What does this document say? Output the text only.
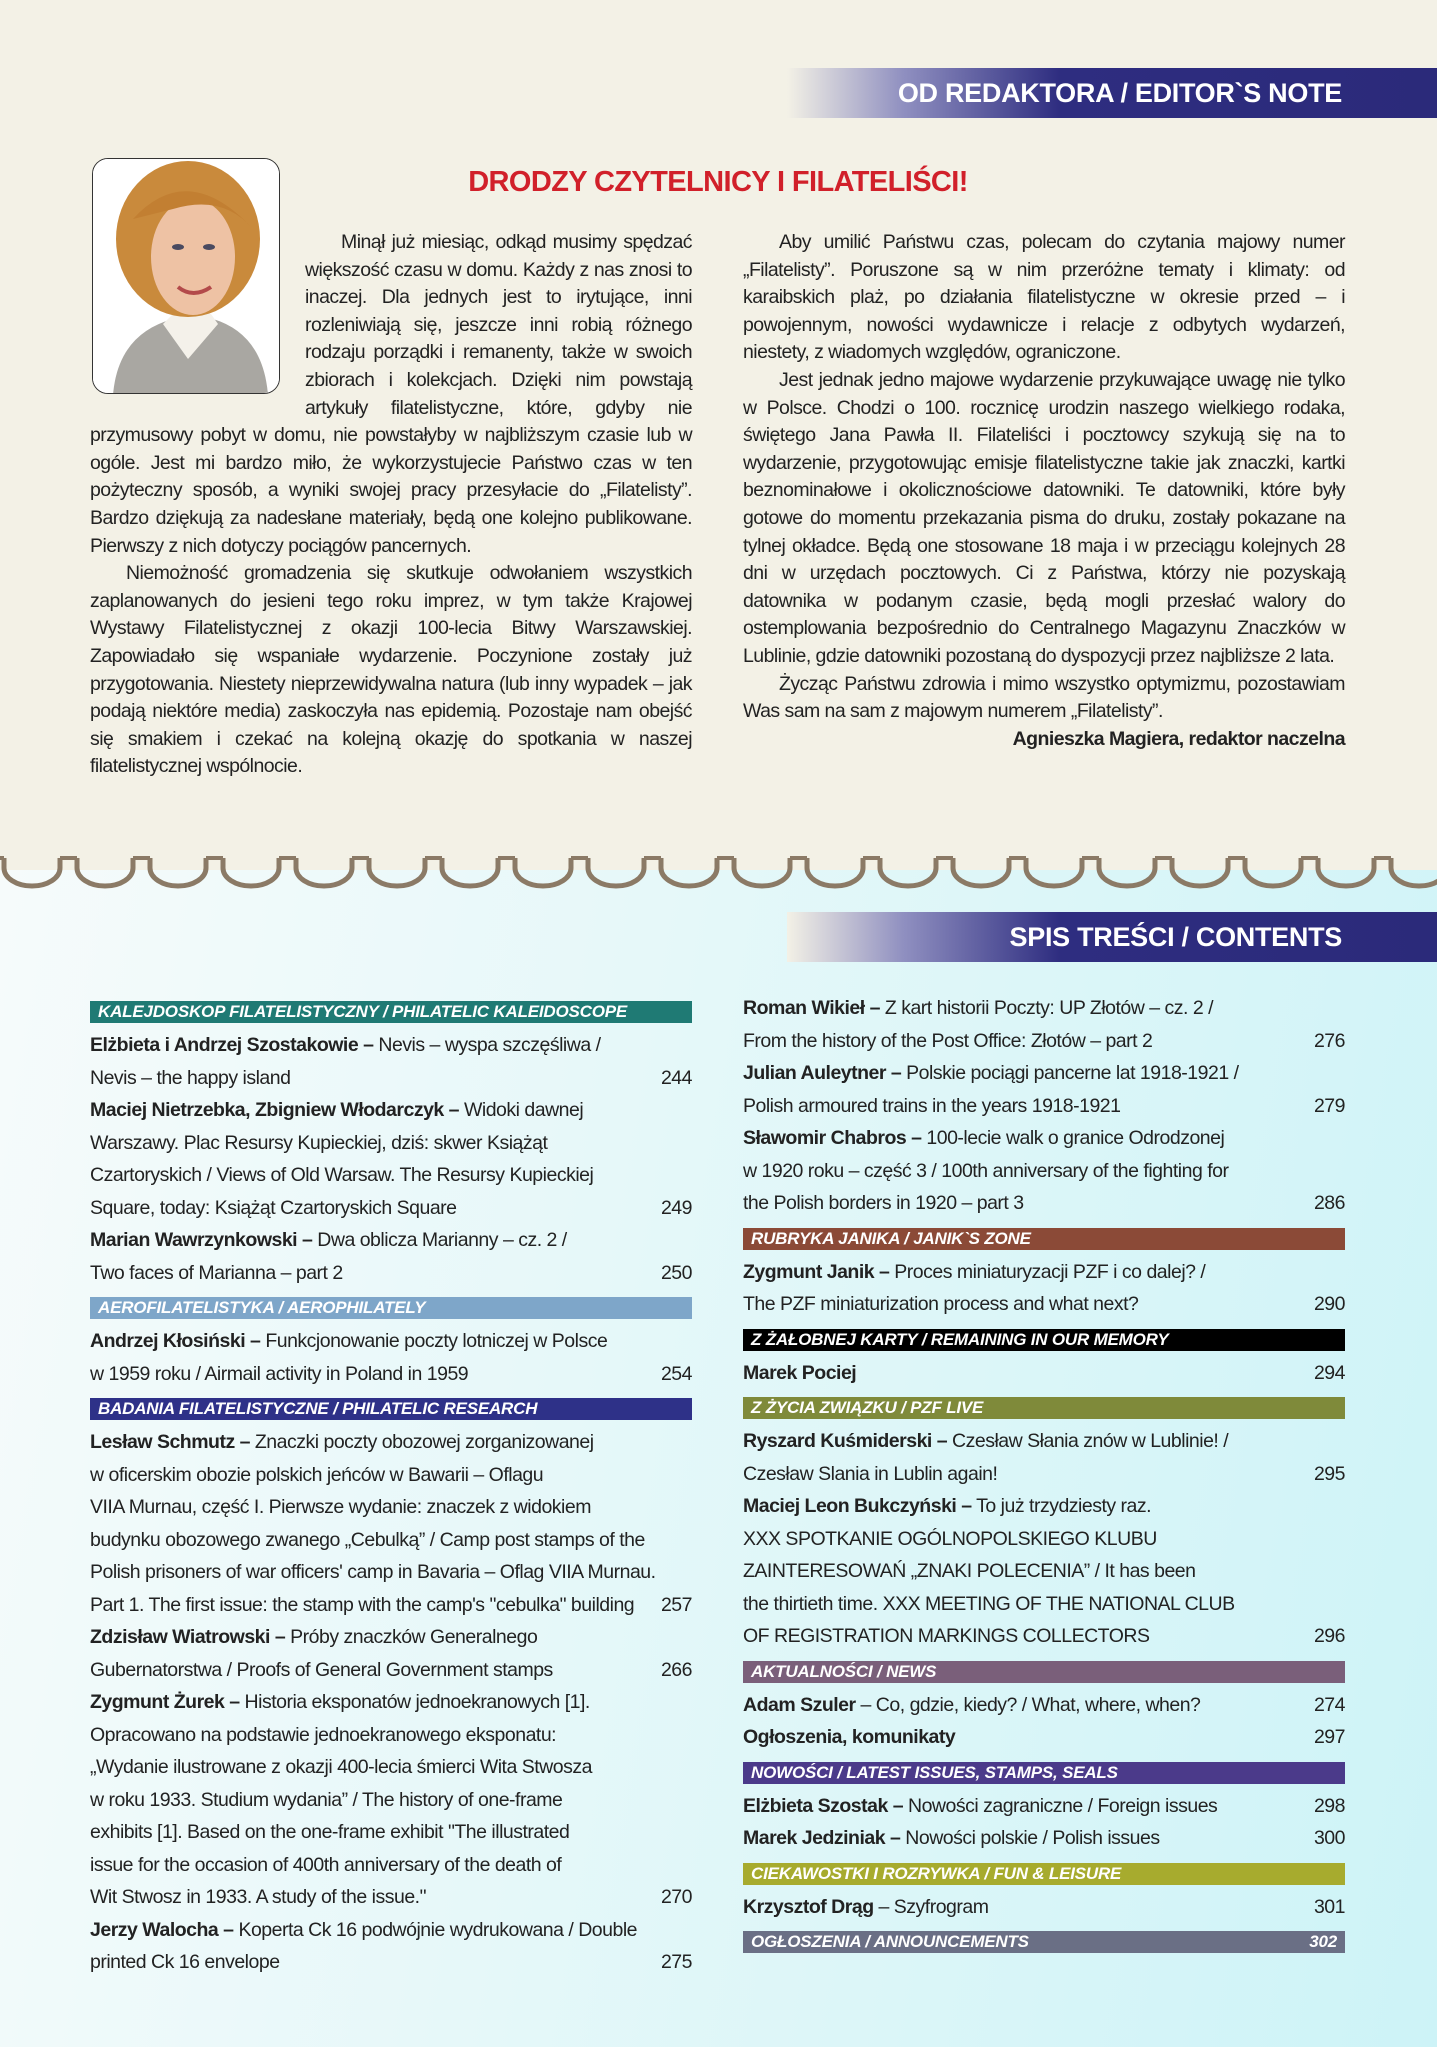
OD REDAKTORA / EDITOR`S NOTE
DRODZY CZYTELNICY I FILATELIŚCI!

Minął już miesiąc, odkąd musimy spędzać większość czasu w domu. Każdy z nas znosi to inaczej. Dla jednych jest to irytujące, inni rozleniwiają się, jeszcze inni robią różnego rodzaju porządki i remanenty, także w swoich zbiorach i kolekcjach. Dzięki nim powstają artykuły filatelistyczne, które, gdyby nie przymusowy pobyt w domu, nie powstałyby w najbliższym czasie lub w ogóle. Jest mi bardzo miło, że wykorzystujecie Państwo czas w ten pożyteczny sposób, a wyniki swojej pracy przesyłacie do „Filatelisty”. Bardzo dziękują za nadesłane materiały, będą one kolejno publikowane. Pierwszy z nich dotyczy pociągów pancernych.

Niemożność gromadzenia się skutkuje odwołaniem wszystkich zaplanowanych do jesieni tego roku imprez, w tym także Krajowej Wystawy Filatelistycznej z okazji 100-lecia Bitwy Warszawskiej. Zapowiadało się wspaniałe wydarzenie. Poczynione zostały już przygotowania. Niestety nieprzewidywalna natura (lub inny wypadek – jak podają niektóre media) zaskoczyła nas epidemią. Pozostaje nam obejść się smakiem i czekać na kolejną okazję do spotkania w naszej filatelistycznej wspólnocie.

Aby umilić Państwu czas, polecam do czytania majowy numer „Filatelisty”. Poruszone są w nim przeróżne tematy i klimaty: od karaibskich plaż, po działania filatelistyczne w okresie przed – i powojennym, nowości wydawnicze i relacje z odbytych wydarzeń, niestety, z wiadomych względów, ograniczone.

Jest jednak jedno majowe wydarzenie przykuwające uwagę nie tylko w Polsce. Chodzi o 100. rocznicę urodzin naszego wielkiego rodaka, świętego Jana Pawła II. Filateliści i pocztowcy szykują się na to wydarzenie, przygotowując emisje filatelistyczne takie jak znaczki, kartki beznominałowe i okolicznościowe datowniki. Te datowniki, które były gotowe do momentu przekazania pisma do druku, zostały pokazane na tylnej okładce. Będą one stosowane 18 maja i w przeciągu kolejnych 28 dni w urzędach pocztowych. Ci z Państwa, którzy nie pozyskają datownika w podanym czasie, będą mogli przesłać walory do ostemplowania bezpośrednio do Centralnego Magazynu Znaczków w Lublinie, gdzie datowniki pozostaną do dyspozycji przez najbliższe 2 lata.

Życząc Państwu zdrowia i mimo wszystko optymizmu, pozostawiam Was sam na sam z majowym numerem „Filatelisty”.

Agnieszka Magiera, redaktor naczelna

SPIS TREŚCI / CONTENTS
KALEJDOSKOP FILATELISTYCZNY / PHILATELIC KALEIDOSCOPE
Elżbieta i Andrzej Szostakowie – Nevis – wyspa szczęśliwa /
Nevis – the happy island	244
Maciej Nietrzebka, Zbigniew Włodarczyk – Widoki dawnej
Warszawy. Plac Resursy Kupieckiej, dziś: skwer Książąt
Czartoryskich / Views of Old Warsaw. The Resursy Kupieckiej
Square, today: Książąt Czartoryskich Square	249
Marian Wawrzynkowski – Dwa oblicza Marianny – cz. 2 /
Two faces of Marianna – part 2	250
AEROFILATELISTYKA / AEROPHILATELY
Andrzej Kłosiński – Funkcjonowanie poczty lotniczej w Polsce
w 1959 roku / Airmail activity in Poland in 1959	254
BADANIA FILATELISTYCZNE / PHILATELIC RESEARCH
Lesław Schmutz – Znaczki poczty obozowej zorganizowanej
w oficerskim obozie polskich jeńców w Bawarii – Oflagu
VIIA Murnau, część I. Pierwsze wydanie: znaczek z widokiem
budynku obozowego zwanego „Cebulką” / Camp post stamps of the
Polish prisoners of war officers' camp in Bavaria – Oflag VIIA Murnau.
Part 1. The first issue: the stamp with the camp's "cebulka" building 257
Zdzisław Wiatrowski – Próby znaczków Generalnego
Gubernatorstwa / Proofs of General Government stamps	266
Zygmunt Żurek – Historia eksponatów jednoekranowych [1].
Opracowano na podstawie jednoekranowego eksponatu:
„Wydanie ilustrowane z okazji 400-lecia śmierci Wita Stwosza
w roku 1933. Studium wydania” / The history of one-frame
exhibits [1]. Based on the one-frame exhibit "The illustrated
issue for the occasion of 400th anniversary of the death of
Wit Stwosz in 1933. A study of the issue."	270
Jerzy Walocha – Koperta Ck 16 podwójnie wydrukowana / Double
printed Ck 16 envelope	275
Roman Wikieł – Z kart historii Poczty: UP Złotów – cz. 2 /
From the history of the Post Office: Złotów – part 2	276
Julian Auleytner – Polskie pociągi pancerne lat 1918-1921 /
Polish armoured trains in the years 1918-1921	279
Sławomir Chabros – 100-lecie walk o granice Odrodzonej
w 1920 roku – część 3 / 100th anniversary of the fighting for
the Polish borders in 1920 – part 3	286
RUBRYKA JANIKA / JANIK`S ZONE
Zygmunt Janik – Proces miniaturyzacji PZF i co dalej? /
The PZF miniaturization process and what next?	290
Z ŻAŁOBNEJ KARTY / REMAINING IN OUR MEMORY
Marek Pociej	294
Z ŻYCIA ZWIĄZKU / PZF LIVE
Ryszard Kuśmiderski – Czesław Słania znów w Lublinie! /
Czesław Slania in Lublin again!	295
Maciej Leon Bukczyński – To już trzydziesty raz.
XXX SPOTKANIE OGÓLNOPOLSKIEGO KLUBU
ZAINTERESOWAŃ „ZNAKI POLECENIA” / It has been
the thirtieth time. XXX MEETING OF THE NATIONAL CLUB
OF REGISTRATION MARKINGS COLLECTORS	296
AKTUALNOŚCI / NEWS
Adam Szuler – Co, gdzie, kiedy? / What, where, when?	274
Ogłoszenia, komunikaty	297
NOWOŚCI / LATEST ISSUES, STAMPS, SEALS
Elżbieta Szostak – Nowości zagraniczne / Foreign issues	298
Marek Jedziniak – Nowości polskie / Polish issues	300
CIEKAWOSTKI I ROZRYWKA / FUN & LEISURE
Krzysztof Drąg – Szyfrogram	301
OGŁOSZENIA / ANNOUNCEMENTS	302
